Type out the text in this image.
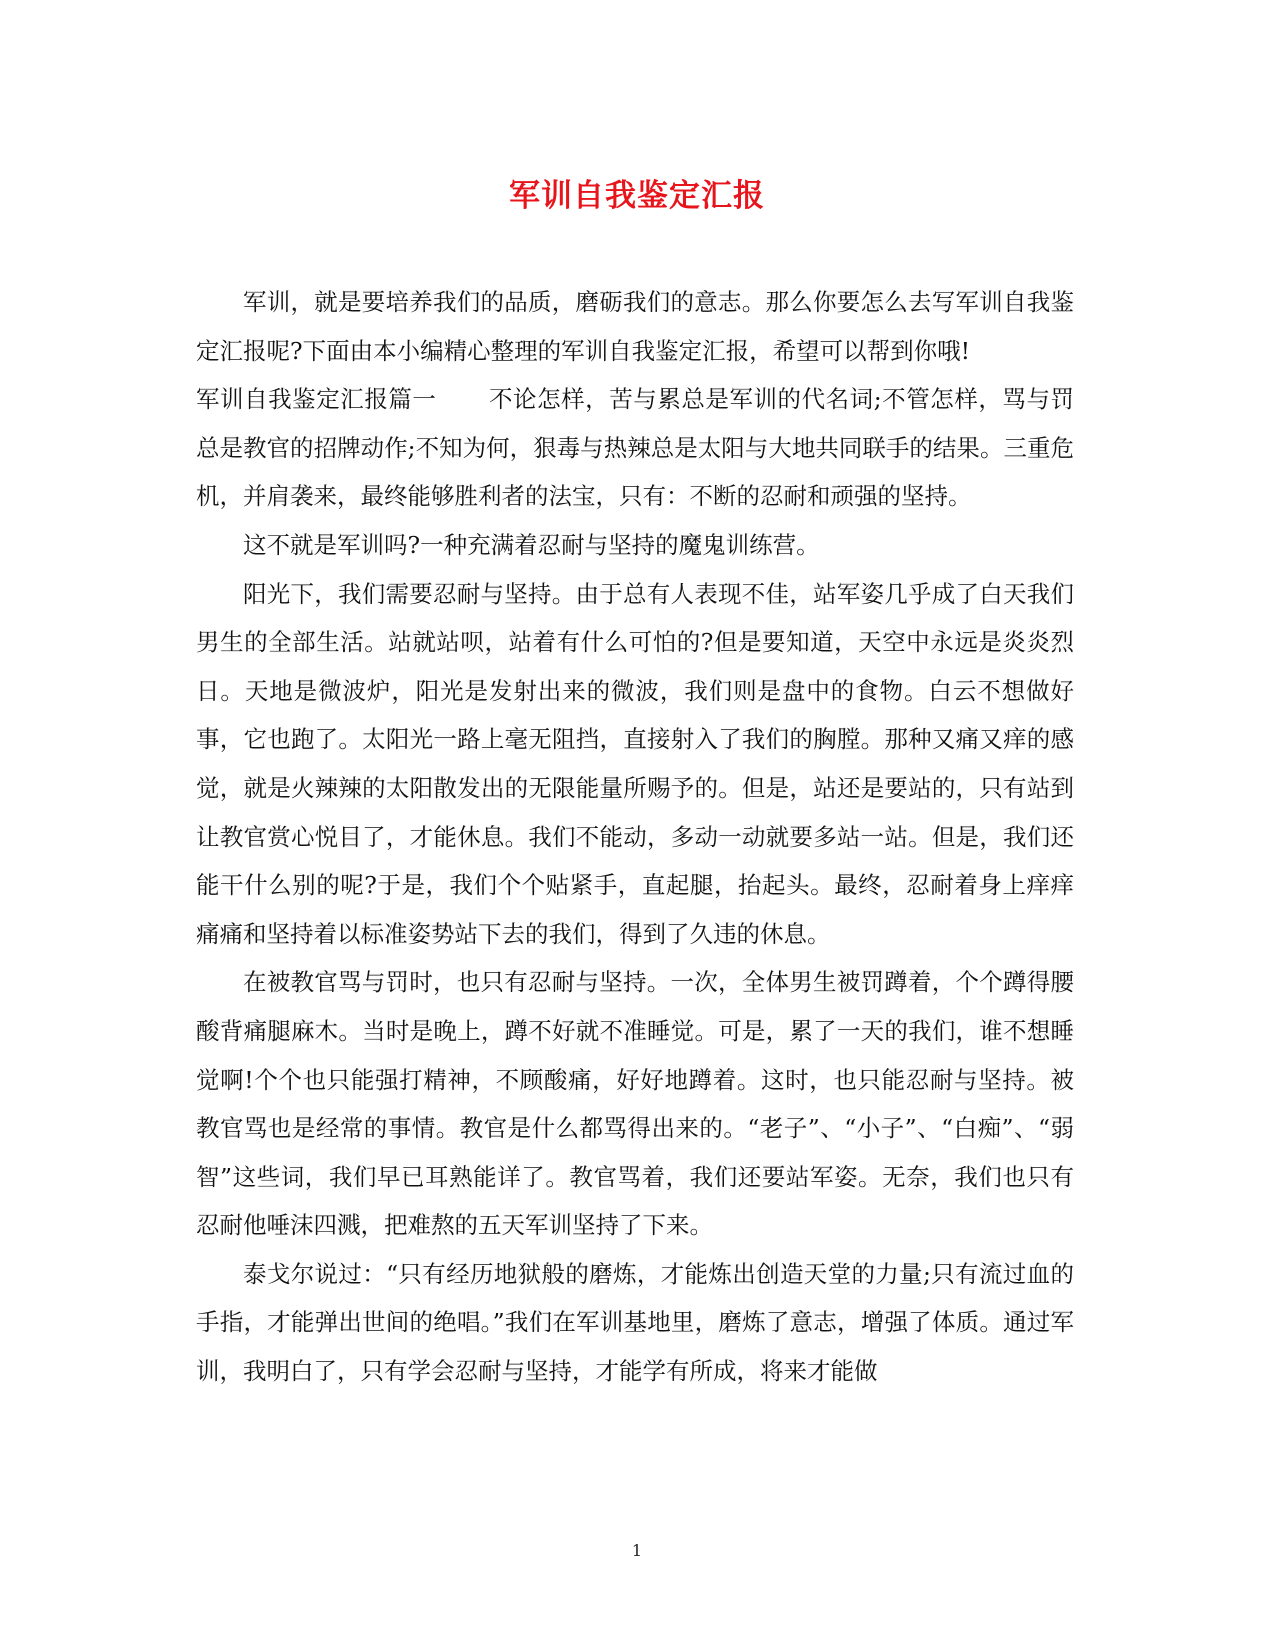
军训自我鉴定汇报

军训，就是要培养我们的品质，磨砺我们的意志。那么你要怎么去写军训自我鉴定汇报呢?下面由本小编精心整理的军训自我鉴定汇报，希望可以帮到你哦!
军训自我鉴定汇报篇一 不论怎样，苦与累总是军训的代名词;不管怎样，骂与罚总是教官的招牌动作;不知为何，狠毒与热辣总是太阳与大地共同联手的结果。三重危机，并肩袭来，最终能够胜利者的法宝，只有：不断的忍耐和顽强的坚持。

这不就是军训吗?一种充满着忍耐与坚持的魔鬼训练营。

阳光下，我们需要忍耐与坚持。由于总有人表现不佳，站军姿几乎成了白天我们男生的全部生活。站就站呗，站着有什么可怕的?但是要知道，天空中永远是炎炎烈日。天地是微波炉，阳光是发射出来的微波，我们则是盘中的食物。白云不想做好事，它也跑了。太阳光一路上毫无阻挡，直接射入了我们的胸膛。那种又痛又痒的感觉，就是火辣辣的太阳散发出的无限能量所赐予的。但是，站还是要站的，只有站到让教官赏心悦目了，才能休息。我们不能动，多动一动就要多站一站。但是，我们还能干什么别的呢?于是，我们个个贴紧手，直起腿，抬起头。最终，忍耐着身上痒痒痛痛和坚持着以标准姿势站下去的我们，得到了久违的休息。

在被教官骂与罚时，也只有忍耐与坚持。一次，全体男生被罚蹲着，个个蹲得腰酸背痛腿麻木。当时是晚上，蹲不好就不准睡觉。可是，累了一天的我们，谁不想睡觉啊!个个也只能强打精神，不顾酸痛，好好地蹲着。这时，也只能忍耐与坚持。被教官骂也是经常的事情。教官是什么都骂得出来的。“老子”、“小子”、“白痴”、“弱智”这些词，我们早已耳熟能详了。教官骂着，我们还要站军姿。无奈，我们也只有忍耐他唾沫四溅，把难熬的五天军训坚持了下来。

泰戈尔说过：“只有经历地狱般的磨炼，才能炼出创造天堂的力量;只有流过血的手指，才能弹出世间的绝唱。”我们在军训基地里，磨炼了意志，增强了体质。通过军训，我明白了，只有学会忍耐与坚持，才能学有所成，将来才能做

1
